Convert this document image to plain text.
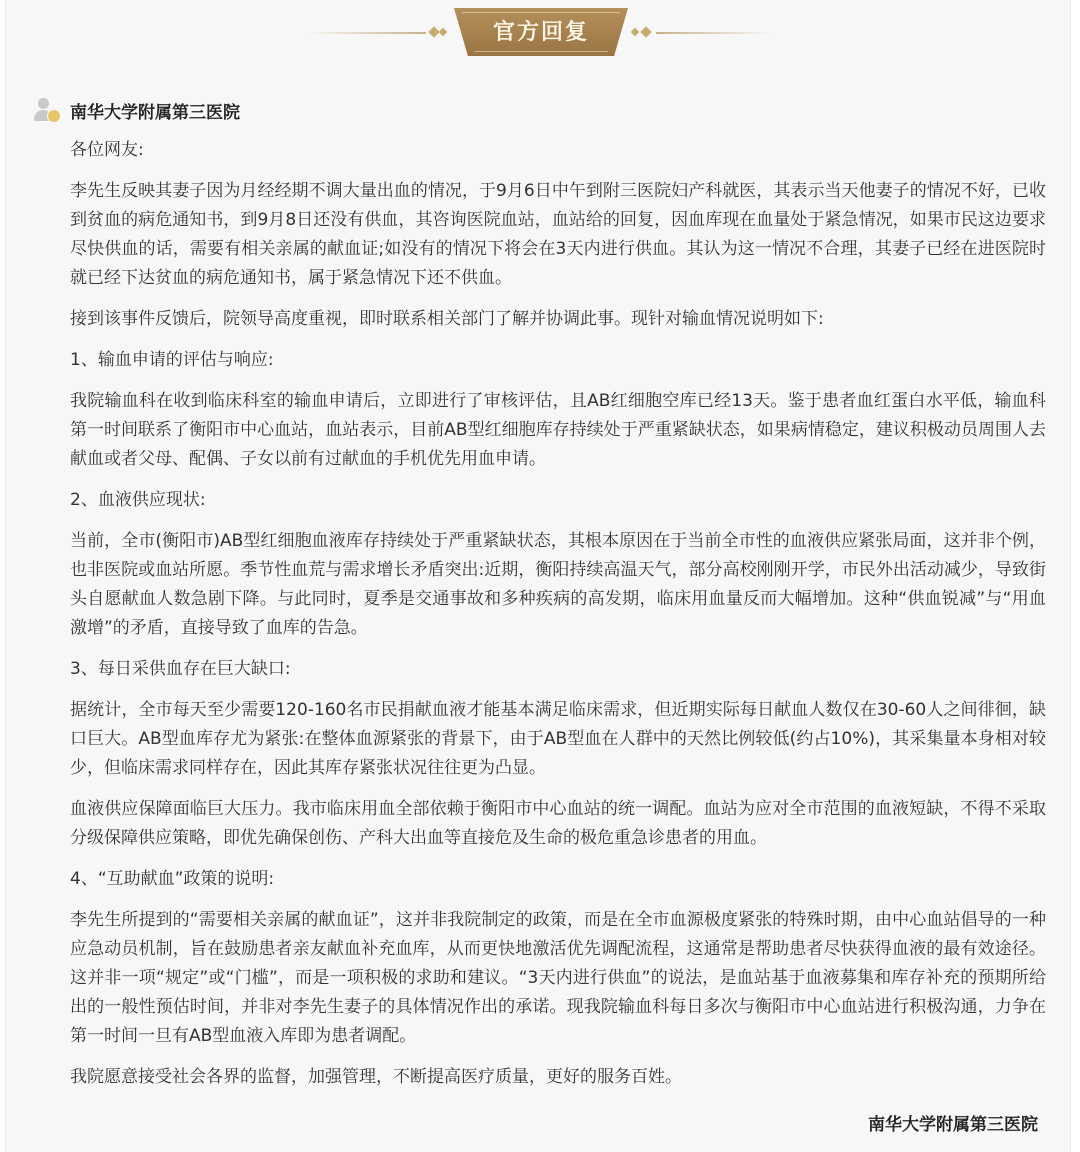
官方回复
南华大学附属第三医院

各位网友:

李先生反映其妻子因为月经经期不调大量出血的情况，于9月6日中午到附三医院妇产科就医，其表示当天他妻子的情况不好，已收到贫血的病危通知书，到9月8日还没有供血，其咨询医院血站，血站给的回复，因血库现在血量处于紧急情况，如果市民这边要求尽快供血的话，需要有相关亲属的献血证;如没有的情况下将会在3天内进行供血。其认为这一情况不合理，其妻子已经在进医院时就已经下达贫血的病危通知书，属于紧急情况下还不供血。

接到该事件反馈后，院领导高度重视，即时联系相关部门了解并协调此事。现针对输血情况说明如下:

1、输血申请的评估与响应:

我院输血科在收到临床科室的输血申请后，立即进行了审核评估，且AB红细胞空库已经13天。鉴于患者血红蛋白水平低，输血科第一时间联系了衡阳市中心血站，血站表示，目前AB型红细胞库存持续处于严重紧缺状态，如果病情稳定，建议积极动员周围人去献血或者父母、配偶、子女以前有过献血的手机优先用血申请。

2、血液供应现状:

当前，全市(衡阳市)AB型红细胞血液库存持续处于严重紧缺状态，其根本原因在于当前全市性的血液供应紧张局面，这并非个例，也非医院或血站所愿。季节性血荒与需求增长矛盾突出:近期，衡阳持续高温天气，部分高校刚刚开学，市民外出活动减少，导致街头自愿献血人数急剧下降。与此同时，夏季是交通事故和多种疾病的高发期，临床用血量反而大幅增加。这种“供血锐减”与“用血激增”的矛盾，直接导致了血库的告急。

3、每日采供血存在巨大缺口:

据统计，全市每天至少需要120-160名市民捐献血液才能基本满足临床需求，但近期实际每日献血人数仅在30-60人之间徘徊，缺口巨大。AB型血库存尤为紧张:在整体血源紧张的背景下，由于AB型血在人群中的天然比例较低(约占10%)，其采集量本身相对较少，但临床需求同样存在，因此其库存紧张状况往往更为凸显。

血液供应保障面临巨大压力。我市临床用血全部依赖于衡阳市中心血站的统一调配。血站为应对全市范围的血液短缺，不得不采取分级保障供应策略，即优先确保创伤、产科大出血等直接危及生命的极危重急诊患者的用血。

4、“互助献血”政策的说明:

李先生所提到的“需要相关亲属的献血证”，这并非我院制定的政策，而是在全市血源极度紧张的特殊时期，由中心血站倡导的一种应急动员机制，旨在鼓励患者亲友献血补充血库，从而更快地激活优先调配流程，这通常是帮助患者尽快获得血液的最有效途径。这并非一项“规定”或“门槛”，而是一项积极的求助和建议。“3天内进行供血”的说法，是血站基于血液募集和库存补充的预期所给出的一般性预估时间，并非对李先生妻子的具体情况作出的承诺。现我院输血科每日多次与衡阳市中心血站进行积极沟通，力争在第一时间一旦有AB型血液入库即为患者调配。

我院愿意接受社会各界的监督，加强管理，不断提高医疗质量，更好的服务百姓。

南华大学附属第三医院
